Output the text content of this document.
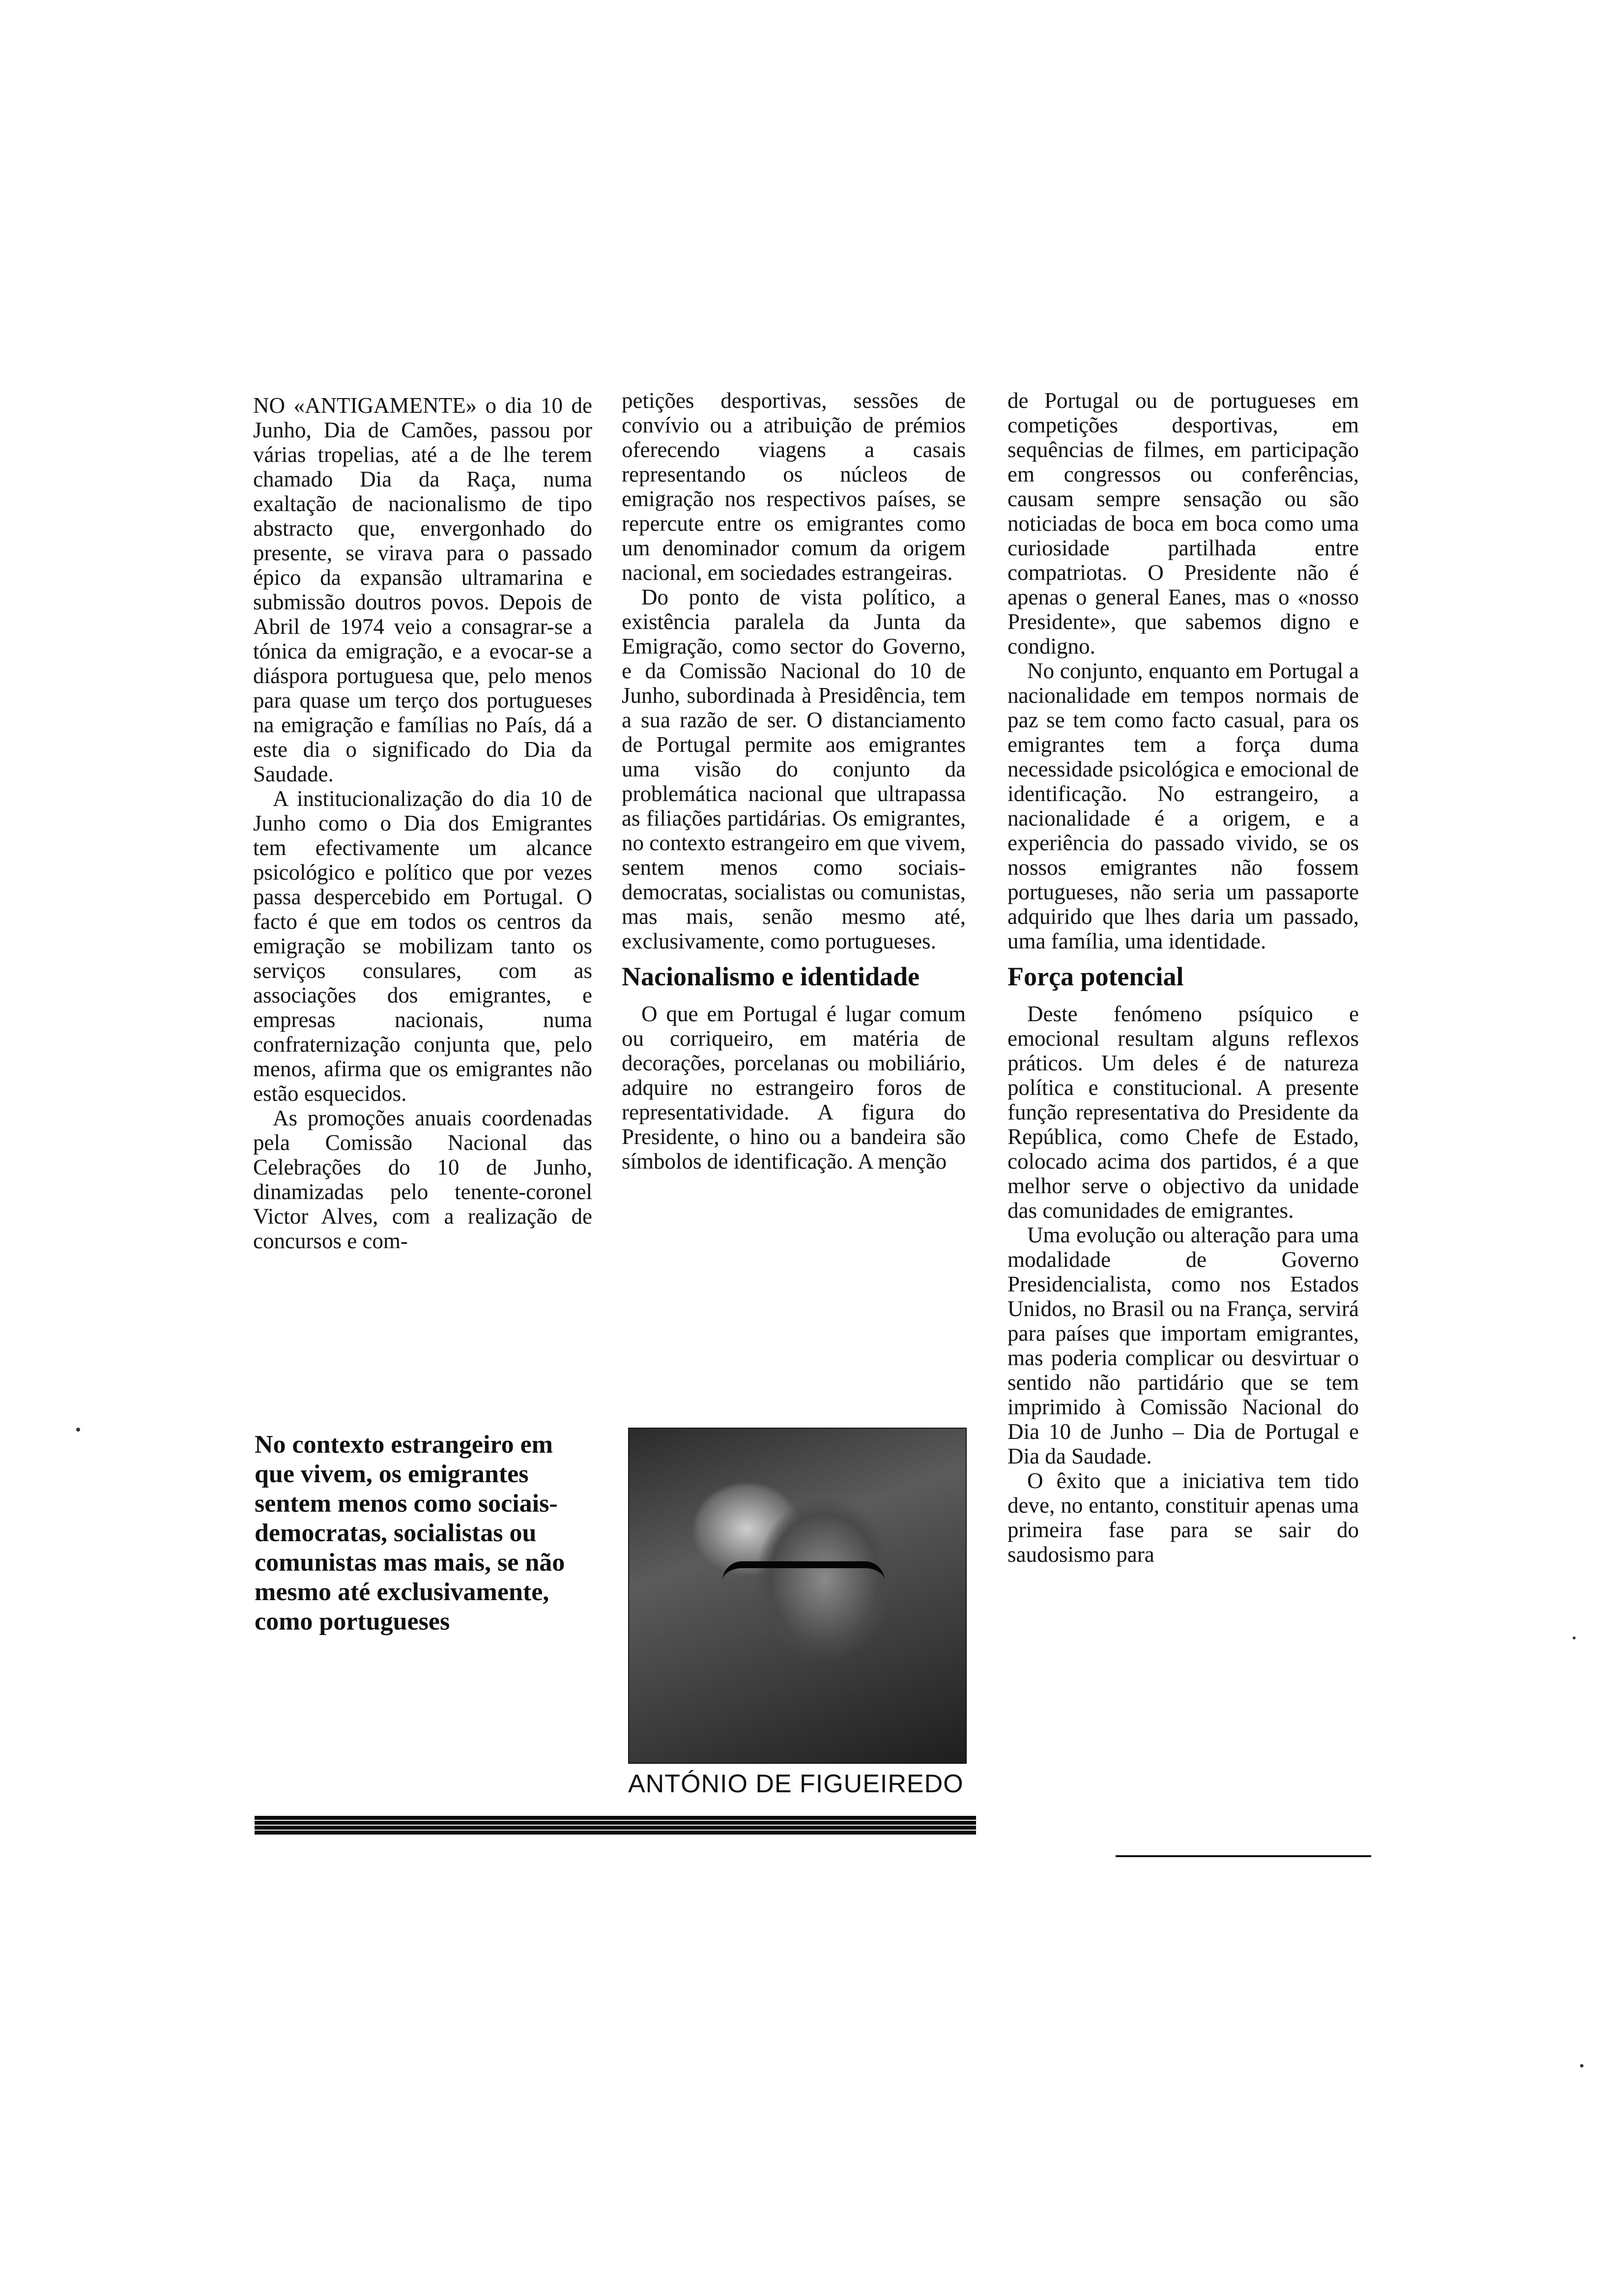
NO «ANTIGAMENTE» o dia 10 de Junho, Dia de Camões, passou por várias tropelias, até a de lhe terem chamado Dia da Raça, numa exaltação de nacionalismo de tipo abstracto que, envergonhado do presente, se virava para o passado épico da expansão ultramarina e submissão doutros povos. Depois de Abril de 1974 veio a consagrar-se a tónica da emigração, e a evocar-se a diáspora portuguesa que, pelo menos para quase um terço dos portugueses na emigração e famílias no País, dá a este dia o significado do Dia da Saudade.

A institucionalização do dia 10 de Junho como o Dia dos Emigrantes tem efectivamente um alcance psicológico e político que por vezes passa despercebido em Portugal. O facto é que em todos os centros da emigração se mobilizam tanto os serviços consulares, com as associações dos emigrantes, e empresas nacionais, numa confraternização conjunta que, pelo menos, afirma que os emigrantes não estão esquecidos.

As promoções anuais coordenadas pela Comissão Nacional das Celebrações do 10 de Junho, dinamizadas pelo tenente-coronel Victor Alves, com a realização de concursos e com-

No contexto estrangeiro em que vivem, os emigrantes sentem menos como sociais-democratas, socialistas ou comunistas mas mais, se não mesmo até exclusivamente, como portugueses

petições desportivas, sessões de convívio ou a atribuição de prémios oferecendo viagens a casais representando os núcleos de emigração nos respectivos países, se repercute entre os emigrantes como um denominador comum da origem nacional, em sociedades estrangeiras.

Do ponto de vista político, a existência paralela da Junta da Emigração, como sector do Governo, e da Comissão Nacional do 10 de Junho, subordinada à Presidência, tem a sua razão de ser. O distanciamento de Portugal permite aos emigrantes uma visão do conjunto da problemática nacional que ultrapassa as filiações partidárias. Os emigrantes, no contexto estrangeiro em que vivem, sentem menos como sociais-democratas, socialistas ou comunistas, mas mais, senão mesmo até, exclusivamente, como portugueses.

Nacionalismo e identidade

O que em Portugal é lugar comum ou corriqueiro, em matéria de decorações, porcelanas ou mobiliário, adquire no estrangeiro foros de representatividade. A figura do Presidente, o hino ou a bandeira são símbolos de identificação. A menção

ANTÓNIO DE FIGUEIREDO

de Portugal ou de portugueses em competições desportivas, em sequências de filmes, em participação em congressos ou conferências, causam sempre sensação ou são noticiadas de boca em boca como uma curiosidade partilhada entre compatriotas. O Presidente não é apenas o general Eanes, mas o «nosso Presidente», que sabemos digno e condigno.

No conjunto, enquanto em Portugal a nacionalidade em tempos normais de paz se tem como facto casual, para os emigrantes tem a força duma necessidade psicológica e emocional de identificação. No estrangeiro, a nacionalidade é a origem, e a experiência do passado vivido, se os nossos emigrantes não fossem portugueses, não seria um passaporte adquirido que lhes daria um passado, uma família, uma identidade.

Força potencial

Deste fenómeno psíquico e emocional resultam alguns reflexos práticos. Um deles é de natureza política e constitucional. A presente função representativa do Presidente da República, como Chefe de Estado, colocado acima dos partidos, é a que melhor serve o objectivo da unidade das comunidades de emigrantes.

Uma evolução ou alteração para uma modalidade de Governo Presidencialista, como nos Estados Unidos, no Brasil ou na França, servirá para países que importam emigrantes, mas poderia complicar ou desvirtuar o sentido não partidário que se tem imprimido à Comissão Nacional do Dia 10 de Junho – Dia de Portugal e Dia da Saudade.

O êxito que a iniciativa tem tido deve, no entanto, constituir apenas uma primeira fase para se sair do saudosismo para
